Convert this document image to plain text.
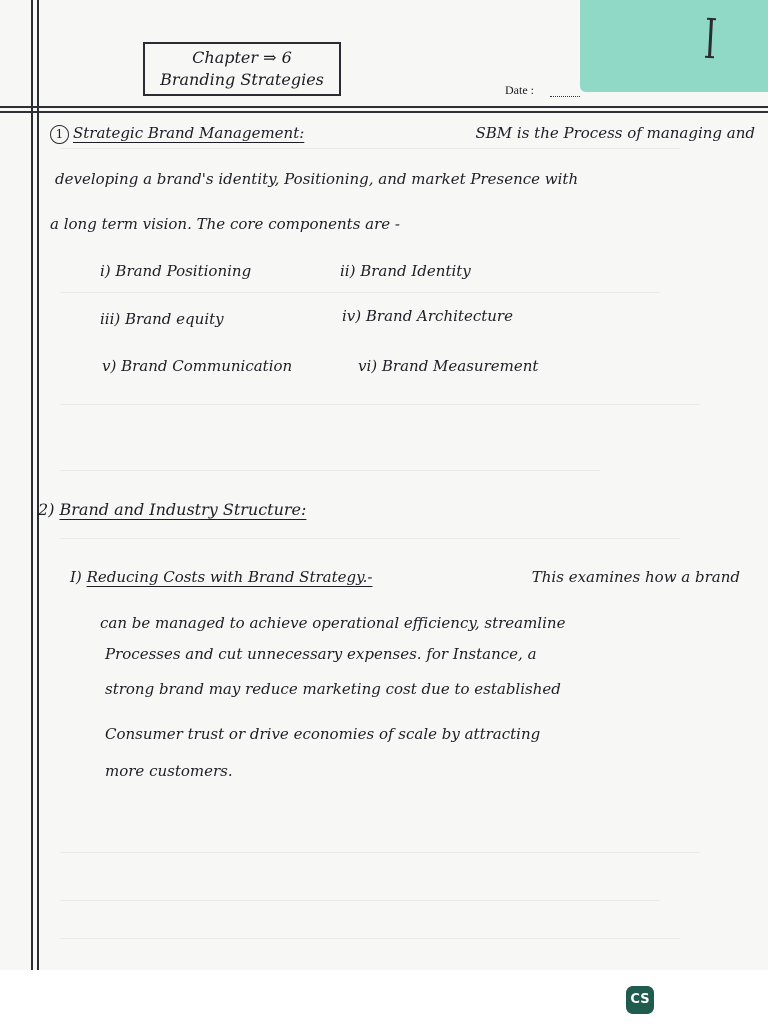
Chapter ⇒ 6
Branding Strategies
Date :
1 Strategic Brand Management:	SBM is the Process of managing and
developing a brand's identity, Positioning, and market Presence with
a long term vision. The core components are -
i) Brand Positioning	ii) Brand Identity
iii) Brand equity	iv) Brand Architecture
v) Brand Communication	vi) Brand Measurement
2) Brand and Industry Structure:
I) Reducing Costs with Brand Strategy.-	This examines how a brand
can be managed to achieve operational efficiency, streamline
Processes and cut unnecessary expenses. for Instance, a
strong brand may reduce marketing cost due to established
Consumer trust or drive economies of scale by attracting
more customers.
CS
